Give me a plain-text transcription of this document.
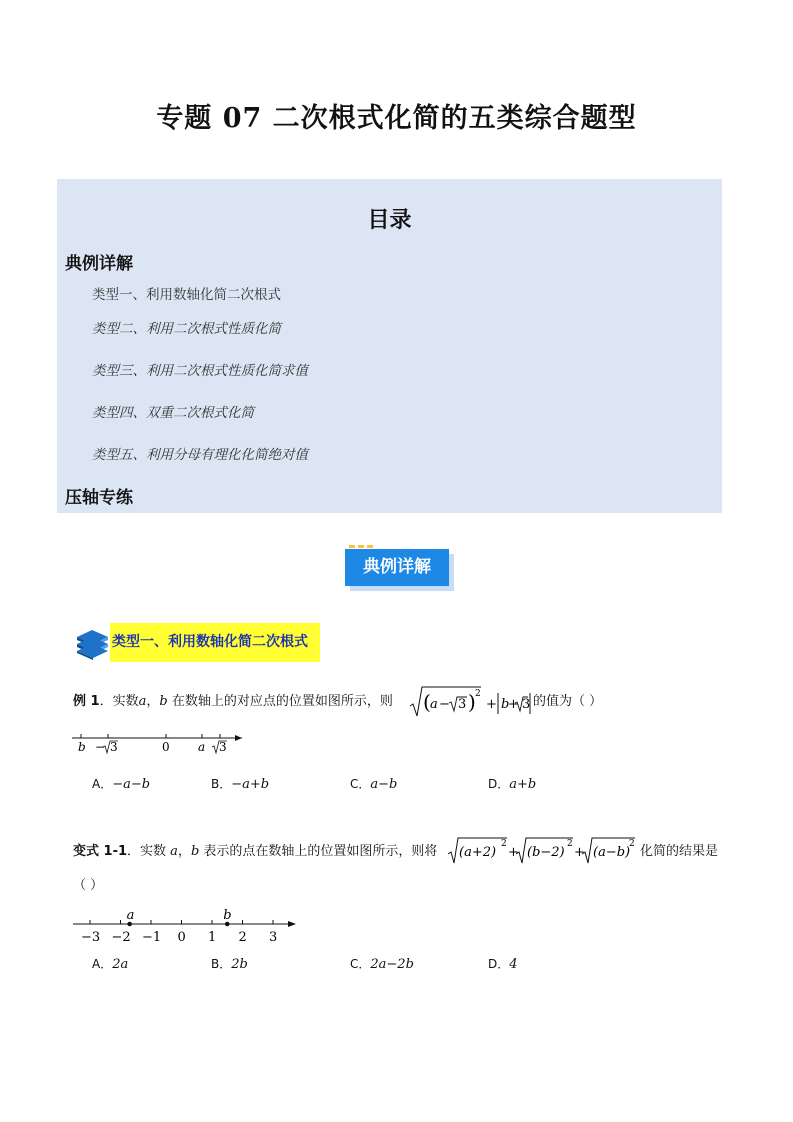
专题 07 二次根式化简的五类综合题型
目录
典例详解
类型一、利用数轴化简二次根式
类型二、利用二次根式性质化简
类型三、利用二次根式性质化简求值
类型四、双重二次根式化简
类型五、利用分母有理化化简绝对值
压轴专练
典例详解
类型一、利用数轴化简二次根式
例 1．实数a，b 在数轴上的对应点的位置如图所示，则 ( a − 3 ) 2
+ b
+ 3 的值为（ ）
b − 3	0 a 3
A．−a−b	B．−a+b	C．a−b	D．a+b
变式 1-1．实数 a，b 表示的点在数轴上的位置如图所示，则将 (a+2)
2
+ (b−2)
2
+ (a−b)
2 化简的结果是
（ ）
−3 −2 −1 0 1 2 3
a	b
A．2a	B．2b	C．2a−2b	D．4
